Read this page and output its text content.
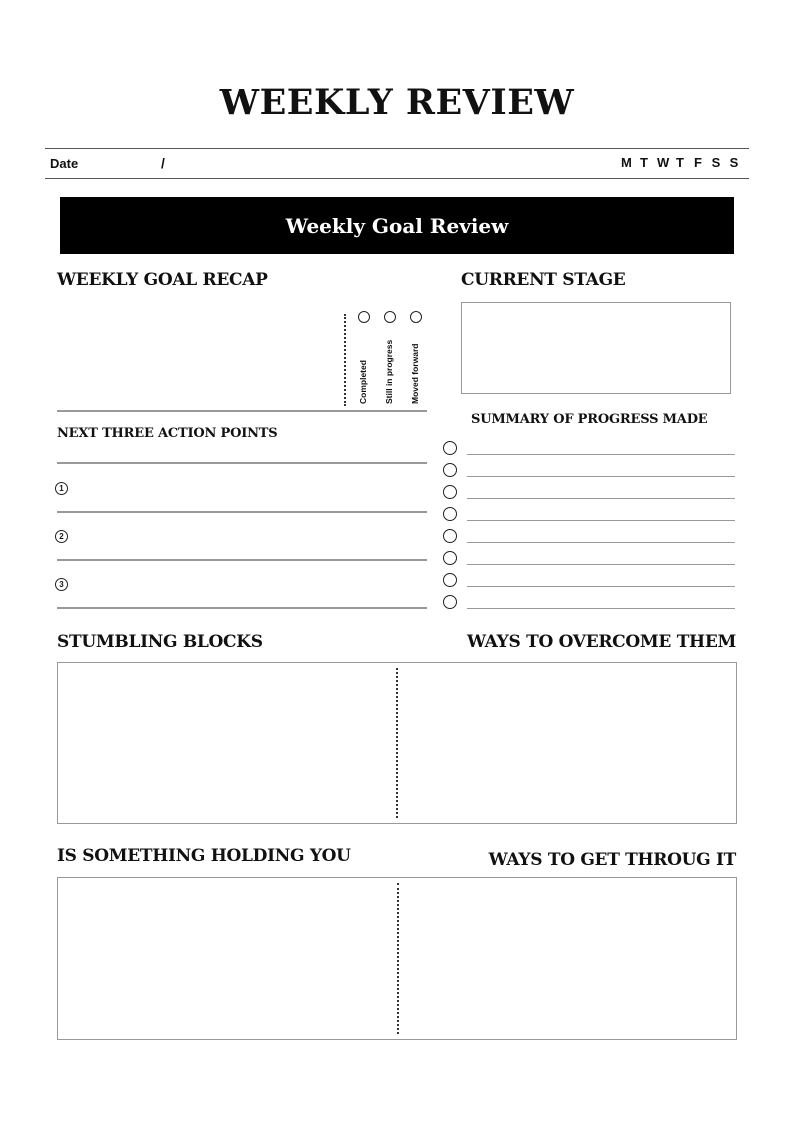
WEEKLY REVIEW
Date	/	M T W T F S S
Weekly Goal Review
WEEKLY GOAL RECAP
Completed Still in progress Moved forward
CURRENT STAGE
NEXT THREE ACTION POINTS
1
2
3
SUMMARY OF PROGRESS MADE
STUMBLING BLOCKS	WAYS TO OVERCOME THEM
IS SOMETHING HOLDING YOU	WAYS TO GET THROUG IT
